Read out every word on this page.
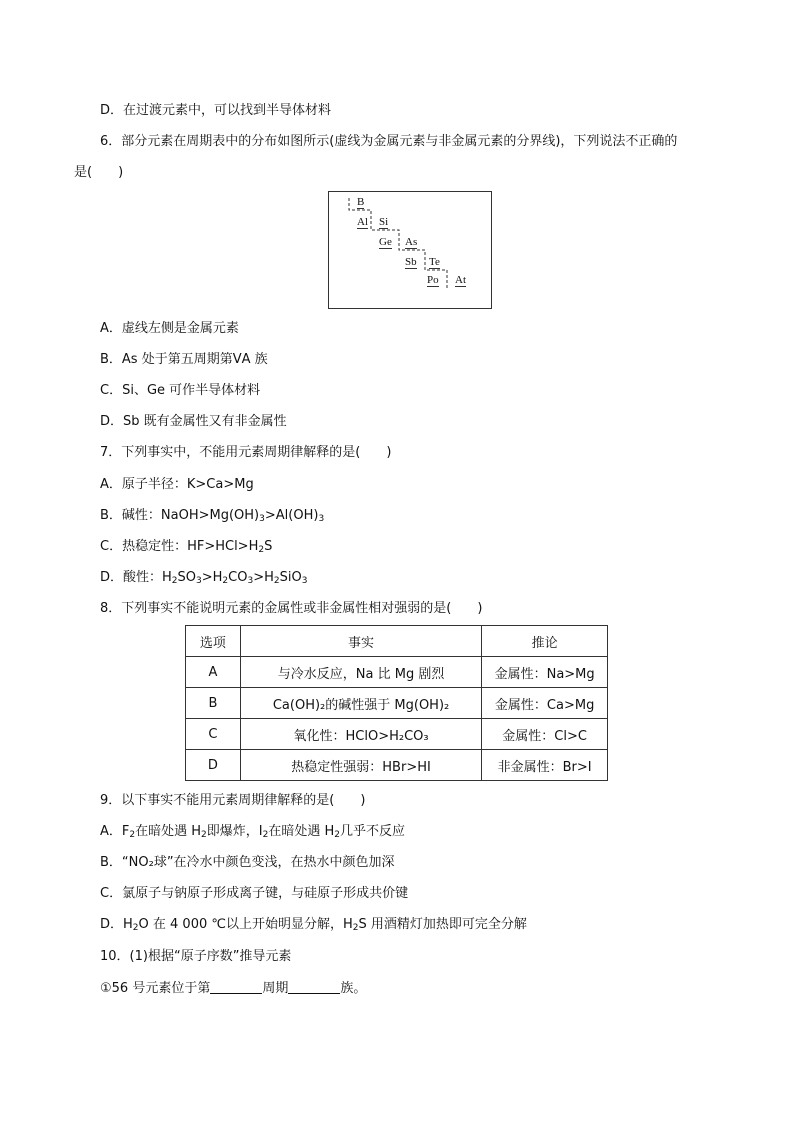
D．在过渡元素中，可以找到半导体材料
6．部分元素在周期表中的分布如图所示(虚线为金属元素与非金属元素的分界线)，下列说法不正确的
是(　　)
B
Al Si
Ge As
Sb Te
Po At
A．虚线左侧是金属元素
B．As 处于第五周期第ⅤA 族
C．Si、Ge 可作半导体材料
D．Sb 既有金属性又有非金属性
7．下列事实中，不能用元素周期律解释的是(　　)
A．原子半径：K>Ca>Mg
B．碱性：$NaOH>Mg(OH)_3>Al(OH)_3$
C．热稳定性：$HF>HCl>H_2S$
D．酸性：$H_2SO_3>H_2CO_3>H_2SiO_3$
8．下列事实不能说明元素的金属性或非金属性相对强弱的是(　　)
选项	事实	推论
A	与冷水反应，Na 比 Mg 剧烈	金属性：Na>Mg
B	Ca(OH)₂的碱性强于 Mg(OH)₂	金属性：Ca>Mg
C	氧化性：HClO>H₂CO₃	金属性：Cl>C
D	热稳定性强弱：HBr>HI	非金属性：Br>I
9．以下事实不能用元素周期律解释的是(　　)
A．$F_2$在暗处遇 $H_2$即爆炸，$I_2$在暗处遇 $H_2$几乎不反应
B．“NO₂球”在冷水中颜色变浅，在热水中颜色加深
C．氯原子与钠原子形成离子键，与硅原子形成共价键
D．$H_2O$ 在 4 000 ℃以上开始明显分解，$H_2S$ 用酒精灯加热即可完全分解
10．(1)根据“原子序数”推导元素
①56 号元素位于第	周期	族。
